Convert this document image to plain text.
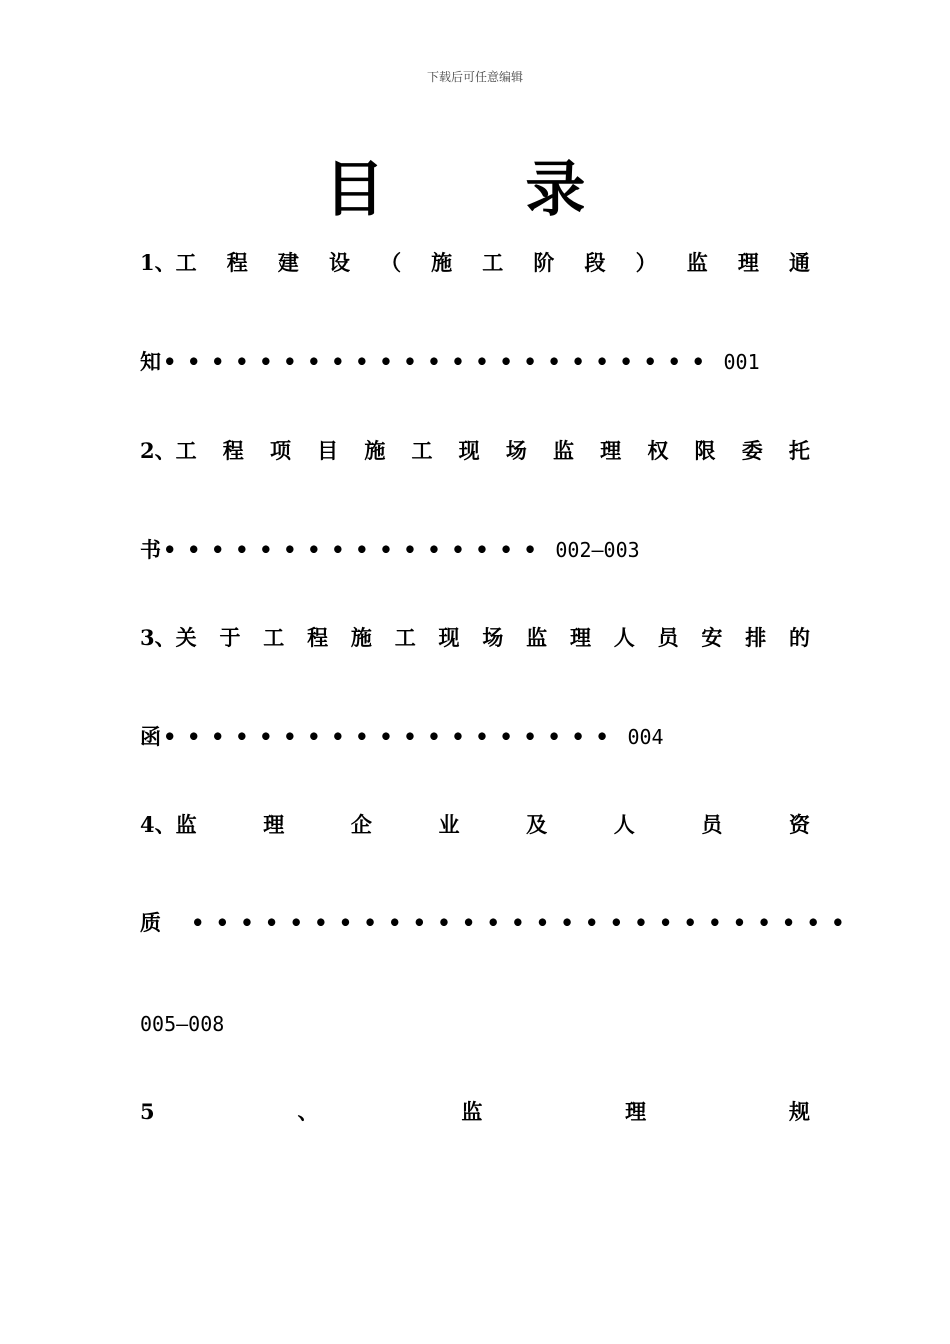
下载后可任意编辑
目 录
1、工 程 建 设 （ 施 工 阶 段 ） 监 理 通
知 ••••••••••••••••••••••• 001
2、工 程 项 目 施 工 现 场 监 理 权 限 委 托
书 •••••••••••••••• 002—003
3、关 于 工 程 施 工 现 场 监 理 人 员 安 排 的
函 ••••••••••••••••••• 004
4、监	理	企	业	及	人	员	资
质 •••••••••••••••••••••••••••
005—008
5	、	监	理	规
